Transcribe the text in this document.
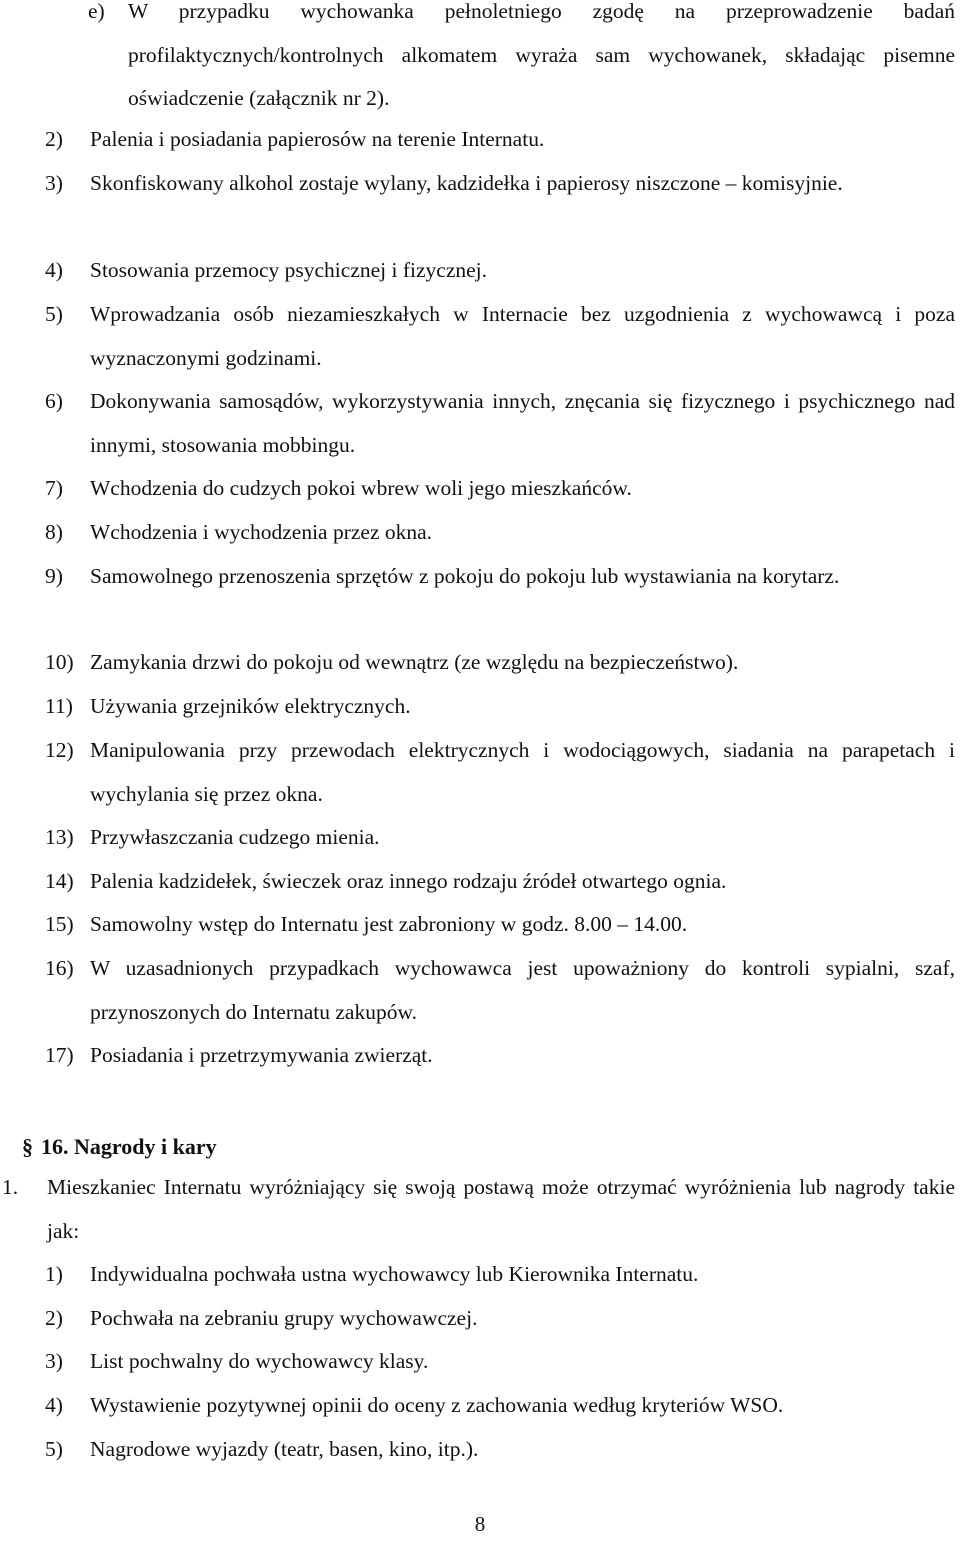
e) W przypadku wychowanka pełnoletniego zgodę na przeprowadzenie badań profilaktycznych/kontrolnych alkomatem wyraża sam wychowanek, składając pisemne oświadczenie (załącznik nr 2).

2) Palenia i posiadania papierosów na terenie Internatu.

3) Skonfiskowany alkohol zostaje wylany, kadzidełka i papierosy niszczone – komisyjnie.

4) Stosowania przemocy psychicznej i fizycznej.

5) Wprowadzania osób niezamieszkałych w Internacie bez uzgodnienia z wychowawcą i poza wyznaczonymi godzinami.

6) Dokonywania samosądów, wykorzystywania innych, znęcania się fizycznego i psychicznego nad innymi, stosowania mobbingu.

7) Wchodzenia do cudzych pokoi wbrew woli jego mieszkańców.

8) Wchodzenia i wychodzenia przez okna.

9) Samowolnego przenoszenia sprzętów z pokoju do pokoju lub wystawiania na korytarz.

10) Zamykania drzwi do pokoju od wewnątrz (ze względu na bezpieczeństwo).

11) Używania grzejników elektrycznych.

12) Manipulowania przy przewodach elektrycznych i wodociągowych, siadania na parapetach i wychylania się przez okna.

13) Przywłaszczania cudzego mienia.

14) Palenia kadzidełek, świeczek oraz innego rodzaju źródeł otwartego ognia.

15) Samowolny wstęp do Internatu jest zabroniony w godz. 8.00 – 14.00.

16) W uzasadnionych przypadkach wychowawca jest upoważniony do kontroli sypialni, szaf, przynoszonych do Internatu zakupów.

17) Posiadania i przetrzymywania zwierząt.

§ 16. Nagrody i kary

1. Mieszkaniec Internatu wyróżniający się swoją postawą może otrzymać wyróżnienia lub nagrody takie jak:

1) Indywidualna pochwała ustna wychowawcy lub Kierownika Internatu.

2) Pochwała na zebraniu grupy wychowawczej.

3) List pochwalny do wychowawcy klasy.

4) Wystawienie pozytywnej opinii do oceny z zachowania według kryteriów WSO.

5) Nagrodowe wyjazdy (teatr, basen, kino, itp.).

8
